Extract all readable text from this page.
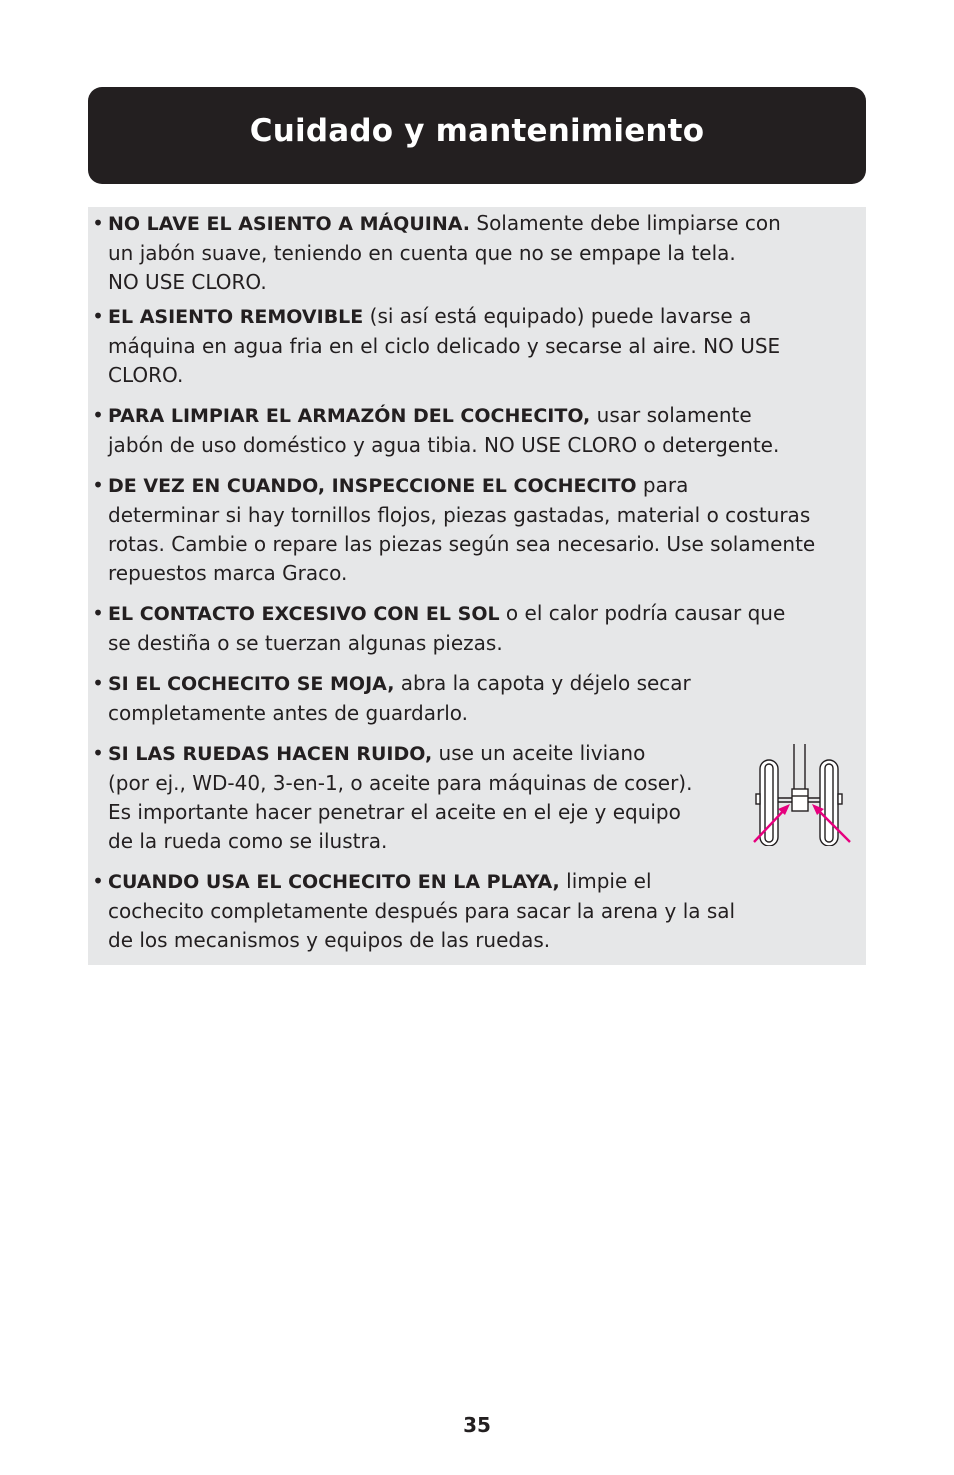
Cuidado y mantenimiento
• NO LAVE EL ASIENTO A MÁQUINA. Solamente debe limpiarse con
un jabón suave, teniendo en cuenta que no se empape la tela.
NO USE CLORO.
• EL ASIENTO REMOVIBLE (si así está equipado) puede lavarse a
máquina en agua fria en el ciclo delicado y secarse al aire. NO USE
CLORO.
• PARA LIMPIAR EL ARMAZÓN DEL COCHECITO, usar solamente
jabón de uso doméstico y agua tibia. NO USE CLORO o detergente.
• DE VEZ EN CUANDO, INSPECCIONE EL COCHECITO para
determinar si hay tornillos flojos, piezas gastadas, material o costuras
rotas. Cambie o repare las piezas según sea necesario. Use solamente
repuestos marca Graco.
• EL CONTACTO EXCESIVO CON EL SOL o el calor podría causar que
se destiña o se tuerzan algunas piezas.
• SI EL COCHECITO SE MOJA, abra la capota y déjelo secar
completamente antes de guardarlo.
• SI LAS RUEDAS HACEN RUIDO, use un aceite liviano
(por ej., WD-40, 3-en-1, o aceite para máquinas de coser).
Es importante hacer penetrar el aceite en el eje y equipo
de la rueda como se ilustra.
• CUANDO USA EL COCHECITO EN LA PLAYA, limpie el
cochecito completamente después para sacar la arena y la sal
de los mecanismos y equipos de las ruedas.
35
